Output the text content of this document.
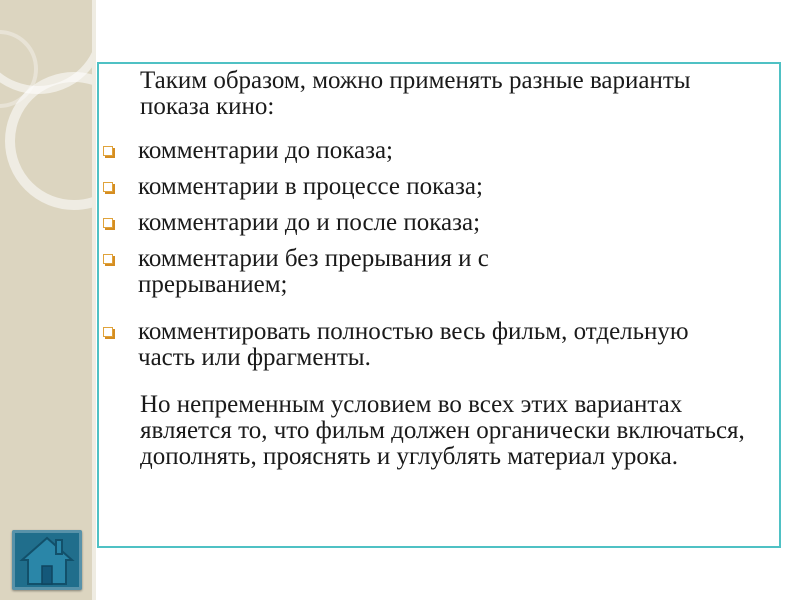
Таким образом, можно применять разные варианты показа кино:

комментарии до показа;
комментарии в процессе показа;
комментарии до и после показа;
комментарии без прерывания и с прерыванием;
комментировать полностью весь фильм, отдельную часть или фрагменты.

Но непременным условием во всех этих вариантах является то, что фильм должен органически включаться, дополнять, прояснять и углублять материал урока.
